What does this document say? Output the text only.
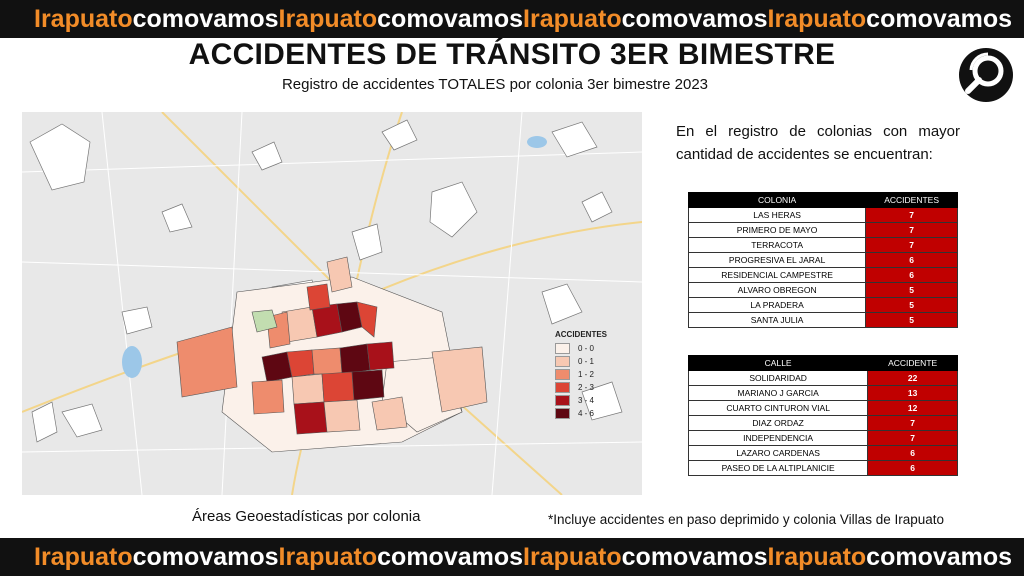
IrapuatocomovamosIrapuatocomovamosIrapuatocomovamosIrapuatocomovamos
ACCIDENTES DE TRÁNSITO 3ER BIMESTRE
Registro de accidentes TOTALES por colonia 3er bimestre 2023
ACCIDENTES
0 - 0
0 - 1
1 - 2
2 - 3
3 - 4
4 - 6
Áreas Geoestadísticas por colonia
En el registro de colonias con mayor cantidad de accidentes se encuentran:
COLONIA	ACCIDENTES
LAS HERAS	7
PRIMERO DE MAYO	7
TERRACOTA	7
PROGRESIVA EL JARAL	6
RESIDENCIAL CAMPESTRE	6
ALVARO OBREGON	5
LA PRADERA	5
SANTA JULIA	5
CALLE	ACCIDENTE
SOLIDARIDAD	22
MARIANO J GARCIA	13
CUARTO CINTURON VIAL	12
DIAZ ORDAZ	7
INDEPENDENCIA	7
LAZARO CARDENAS	6
PASEO DE LA ALTIPLANICIE	6
*Incluye accidentes en paso deprimido y colonia Villas de Irapuato
IrapuatocomovamosIrapuatocomovamosIrapuatocomovamosIrapuatocomovamos
